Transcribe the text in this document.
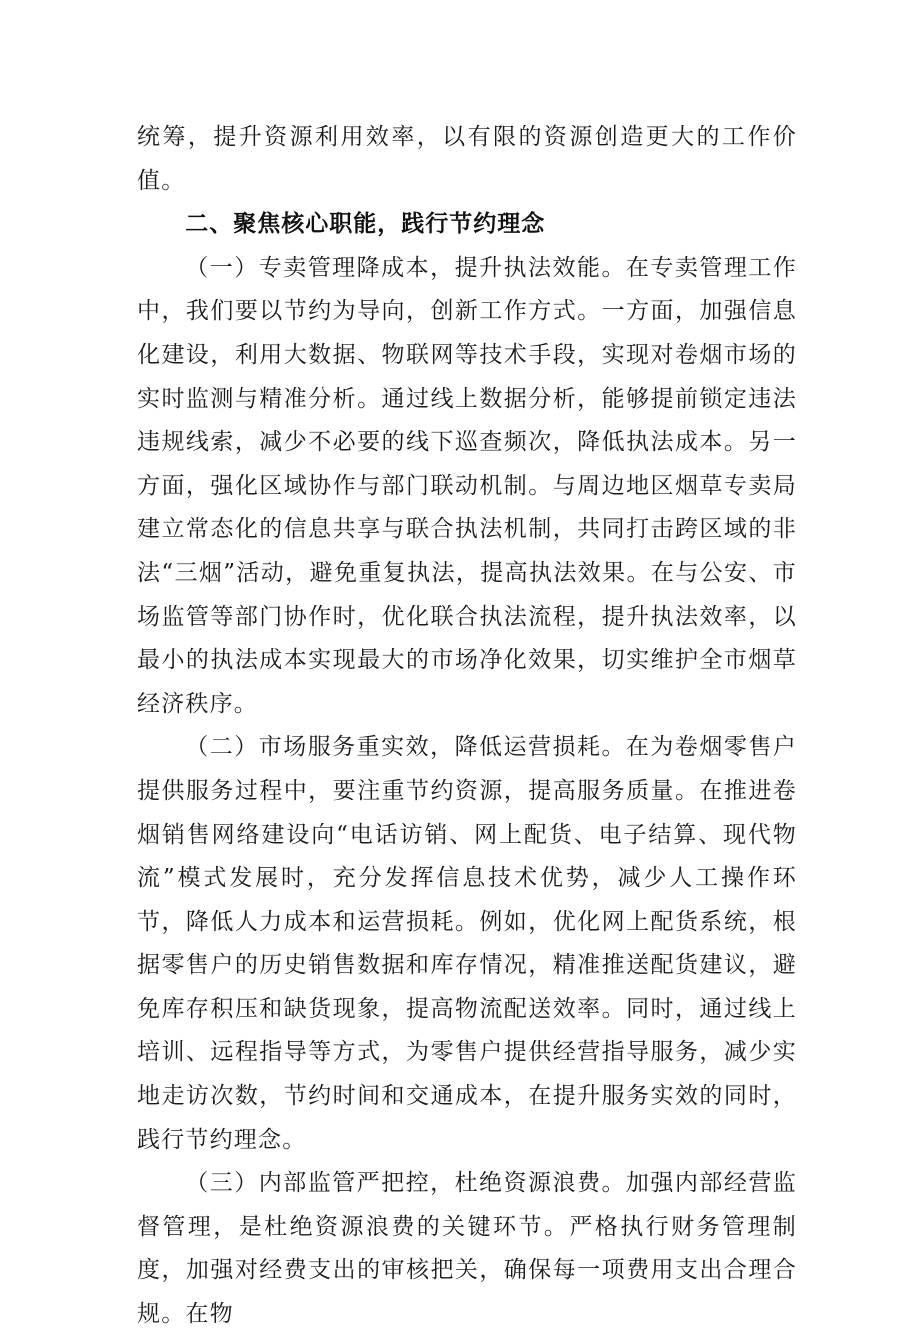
统筹，提升资源利用效率，以有限的资源创造更大的工作价值。

二、聚焦核心职能，践行节约理念

（一）专卖管理降成本，提升执法效能。在专卖管理工作中，我们要以节约为导向，创新工作方式。一方面，加强信息化建设，利用大数据、物联网等技术手段，实现对卷烟市场的实时监测与精准分析。通过线上数据分析，能够提前锁定违法违规线索，减少不必要的线下巡查频次，降低执法成本。另一方面，强化区域协作与部门联动机制。与周边地区烟草专卖局建立常态化的信息共享与联合执法机制，共同打击跨区域的非法“三烟”活动，避免重复执法，提高执法效果。在与公安、市场监管等部门协作时，优化联合执法流程，提升执法效率，以最小的执法成本实现最大的市场净化效果，切实维护全市烟草经济秩序。

（二）市场服务重实效，降低运营损耗。在为卷烟零售户提供服务过程中，要注重节约资源，提高服务质量。在推进卷烟销售网络建设向“电话访销、网上配货、电子结算、现代物流”模式发展时，充分发挥信息技术优势，减少人工操作环节，降低人力成本和运营损耗。例如，优化网上配货系统，根据零售户的历史销售数据和库存情况，精准推送配货建议，避免库存积压和缺货现象，提高物流配送效率。同时，通过线上培训、远程指导等方式，为零售户提供经营指导服务，减少实地走访次数，节约时间和交通成本，在提升服务实效的同时，践行节约理念。

（三）内部监管严把控，杜绝资源浪费。加强内部经营监督管理，是杜绝资源浪费的关键环节。严格执行财务管理制度，加强对经费支出的审核把关，确保每一项费用支出合理合规。在物
